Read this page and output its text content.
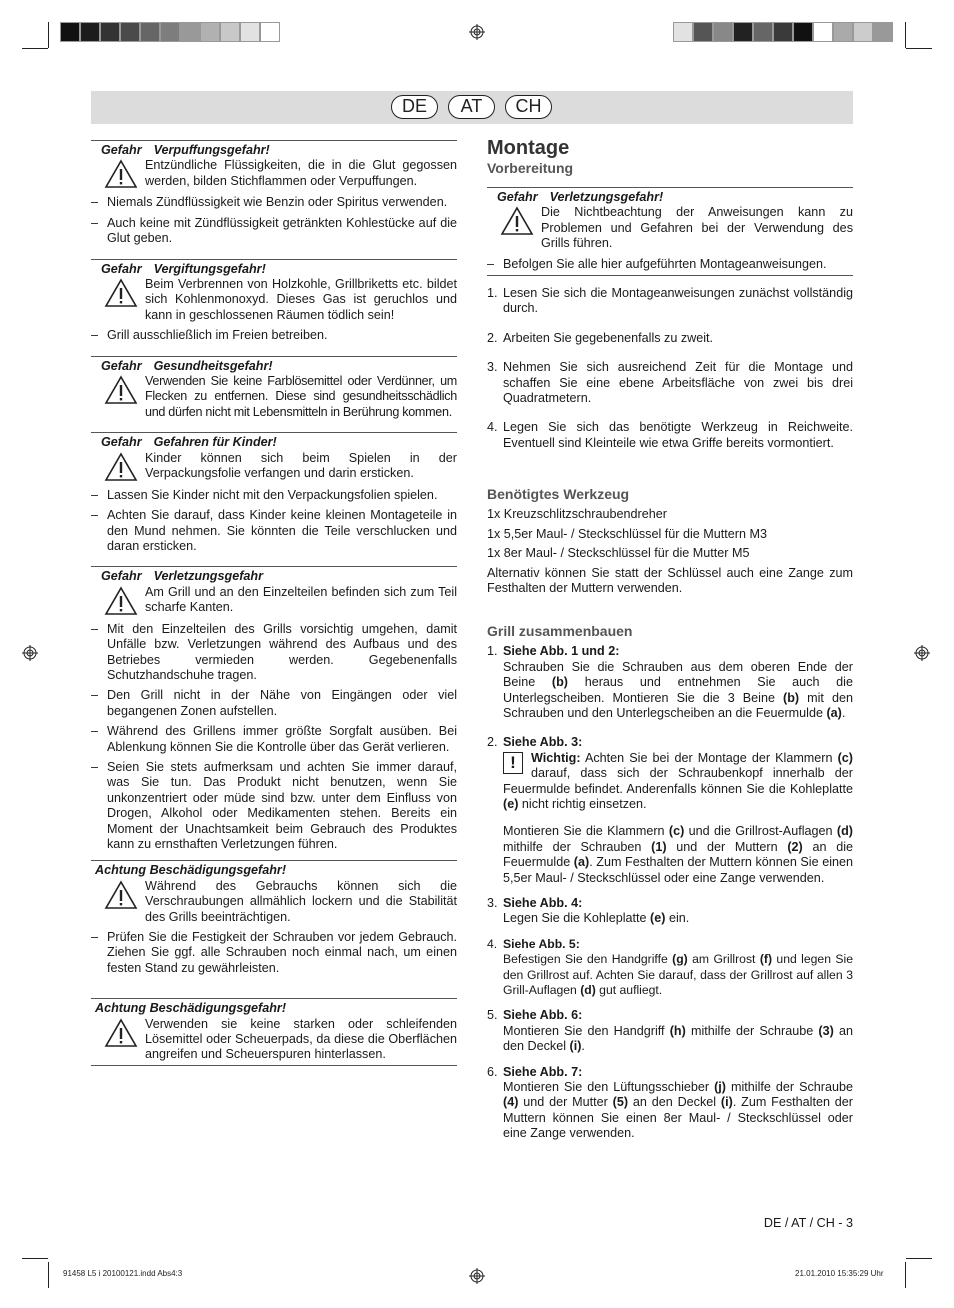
DE	AT	CH
Gefahr Verpuffungsgefahr!
Entzündliche Flüssigkeiten, die in die Glut gegossen werden, bilden Stichflammen oder Verpuffungen.
– Niemals Zündflüssigkeit wie Benzin oder Spiritus verwenden.
– Auch keine mit Zündflüssigkeit getränkten Kohlestücke auf die Glut geben.
Gefahr Vergiftungsgefahr!
Beim Verbrennen von Holzkohle, Grillbriketts etc. bildet sich Kohlenmonoxyd. Dieses Gas ist geruchlos und kann in geschlossenen Räumen tödlich sein!
– Grill ausschließlich im Freien betreiben.
Gefahr Gesundheitsgefahr!
Verwenden Sie keine Farblösemittel oder Verdünner, um Flecken zu entfernen. Diese sind gesundheitsschädlich und dürfen nicht mit Lebensmitteln in Berührung kommen.
Gefahr Gefahren für Kinder!
Kinder können sich beim Spielen in der Verpackungsfolie verfangen und darin ersticken.
– Lassen Sie Kinder nicht mit den Verpackungsfolien spielen.
– Achten Sie darauf, dass Kinder keine kleinen Montageteile in den Mund nehmen. Sie könnten die Teile verschlucken und daran ersticken.
Gefahr Verletzungsgefahr
Am Grill und an den Einzelteilen befinden sich zum Teil scharfe Kanten.
– Mit den Einzelteilen des Grills vorsichtig umgehen, damit Unfälle bzw. Verletzungen während des Aufbaus und des Betriebes vermieden werden. Gegebenenfalls Schutzhandschuhe tragen.
– Den Grill nicht in der Nähe von Eingängen oder viel begangenen Zonen aufstellen.
– Während des Grillens immer größte Sorgfalt ausüben. Bei Ablenkung können Sie die Kontrolle über das Gerät verlieren.
– Seien Sie stets aufmerksam und achten Sie immer darauf, was Sie tun. Das Produkt nicht benutzen, wenn Sie unkonzentriert oder müde sind bzw. unter dem Einfluss von Drogen, Alkohol oder Medikamenten stehen. Bereits ein Moment der Unachtsamkeit beim Gebrauch des Produktes kann zu ernsthaften Verletzungen führen.
Achtung Beschädigungsgefahr!
Während des Gebrauchs können sich die Verschraubungen allmählich lockern und die Stabilität des Grills beeinträchtigen.
– Prüfen Sie die Festigkeit der Schrauben vor jedem Gebrauch. Ziehen Sie ggf. alle Schrauben noch einmal nach, um einen festen Stand zu gewährleisten.
Achtung Beschädigungsgefahr!
Verwenden sie keine starken oder schleifenden Lösemittel oder Scheuerpads, da diese die Oberflächen angreifen und Scheuerspuren hinterlassen.
Montage
Vorbereitung
Gefahr Verletzungsgefahr!
Die Nichtbeachtung der Anweisungen kann zu Problemen und Gefahren bei der Verwendung des Grills führen.
– Befolgen Sie alle hier aufgeführten Montageanweisungen.
1. Lesen Sie sich die Montageanweisungen zunächst vollständig durch.
2. Arbeiten Sie gegebenenfalls zu zweit.
3. Nehmen Sie sich ausreichend Zeit für die Montage und schaffen Sie eine ebene Arbeitsfläche von zwei bis drei Quadratmetern.
4. Legen Sie sich das benötigte Werkzeug in Reichweite. Eventuell sind Kleinteile wie etwa Griffe bereits vormontiert.
Benötigtes Werkzeug
1x Kreuzschlitzschraubendreher
1x 5,5er Maul- / Steckschlüssel für die Muttern M3
1x 8er Maul- / Steckschlüssel für die Mutter M5
Alternativ können Sie statt der Schlüssel auch eine Zange zum Festhalten der Muttern verwenden.
Grill zusammenbauen
1. Siehe Abb. 1 und 2:
Schrauben Sie die Schrauben aus dem oberen Ende der Beine (b) heraus und entnehmen Sie auch die Unterlegscheiben. Montieren Sie die 3 Beine (b) mit den Schrauben und den Unterlegscheiben an die Feuermulde (a).
2. Siehe Abb. 3:

!	Wichtig: Achten Sie bei der Montage der Klammern (c) darauf, dass sich der Schraubenkopf innerhalb der Feuermulde befindet. Anderenfalls können Sie die Kohleplatte (e) nicht richtig einsetzen.
Montieren Sie die Klammern (c) und die Grillrost-Auflagen (d) mithilfe der Schrauben (1) und der Muttern (2) an die Feuermulde (a). Zum Festhalten der Muttern können Sie einen 5,5er Maul- / Steckschlüssel oder eine Zange verwenden.
3. Siehe Abb. 4:
Legen Sie die Kohleplatte (e) ein.
4. Siehe Abb. 5:
Befestigen Sie den Handgriffe (g) am Grillrost (f) und legen Sie den Grillrost auf. Achten Sie darauf, dass der Grillrost auf allen 3 Grill-Auflagen (d) gut aufliegt.
5. Siehe Abb. 6:
Montieren Sie den Handgriff (h) mithilfe der Schraube (3) an den Deckel (i).
6. Siehe Abb. 7:
Montieren Sie den Lüftungsschieber (j) mithilfe der Schraube (4) und der Mutter (5) an den Deckel (i). Zum Festhalten der Muttern können Sie einen 8er Maul- / Steckschlüssel oder eine Zange verwenden.
DE / AT / CH - 3
91458 L5 i 20100121.indd Abs4:3	21.01.2010 15:35:29 Uhr
